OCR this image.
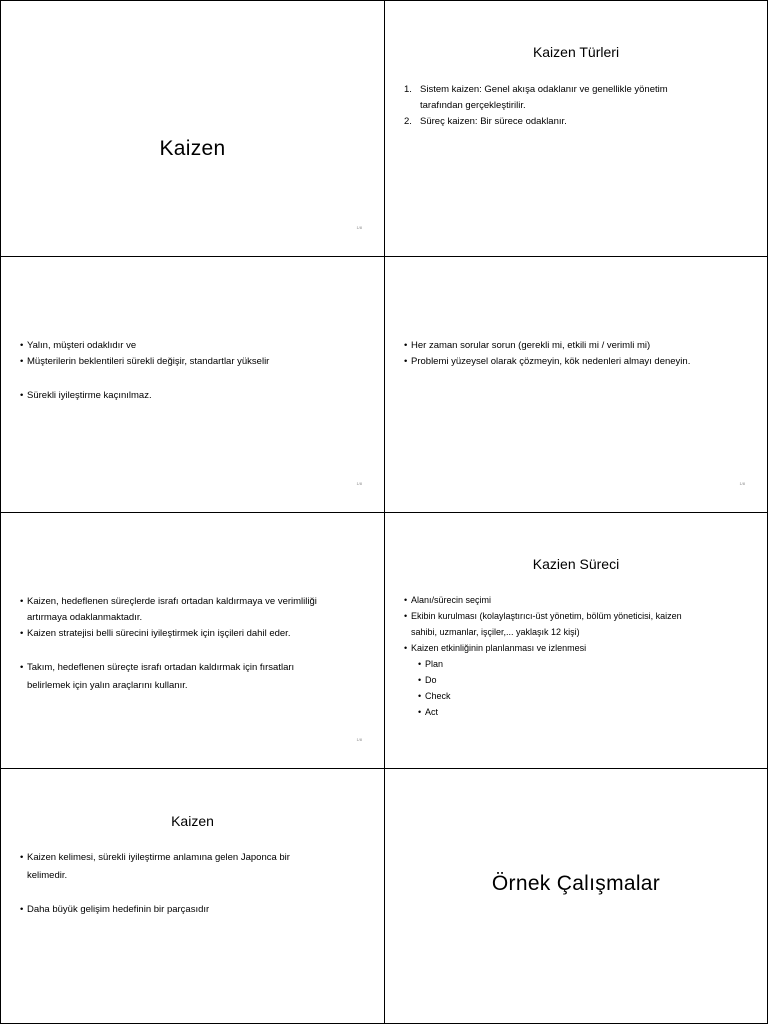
Kaizen
1/8
Kaizen Türleri
1. Sistem kaizen: Genel akışa odaklanır ve genellikle yönetim
tarafından gerçekleştirilir.
2. Süreç kaizen: Bir sürece odaklanır.
• Yalın, müşteri odaklıdır ve
• Müşterilerin beklentileri sürekli değişir, standartlar yükselir
• Sürekli iyileştirme kaçınılmaz.
1/8
• Her zaman sorular sorun (gerekli mi, etkili mi / verimli mi)
• Problemi yüzeysel olarak çözmeyin, kök nedenleri almayı deneyin.
1/8
• Kaizen, hedeflenen süreçlerde israfı ortadan kaldırmaya ve verimliliği
artırmaya odaklanmaktadır.
• Kaizen stratejisi belli sürecini iyileştirmek için işçileri dahil eder.
• Takım, hedeflenen süreçte israfı ortadan kaldırmak için fırsatları
belirlemek için yalın araçlarını kullanır.
1/8
Kazien Süreci
• Alanı/sürecin seçimi
• Ekibin kurulması (kolaylaştırıcı-üst yönetim, bölüm yöneticisi, kaizen
sahibi, uzmanlar, işçiler,... yaklaşık 12 kişi)
• Kaizen etkinliğinin planlanması ve izlenmesi
• Plan
• Do
• Check
• Act
Kaizen
• Kaizen kelimesi, sürekli iyileştirme anlamına gelen Japonca bir
kelimedir.
• Daha büyük gelişim hedefinin bir parçasıdır
Örnek Çalışmalar
